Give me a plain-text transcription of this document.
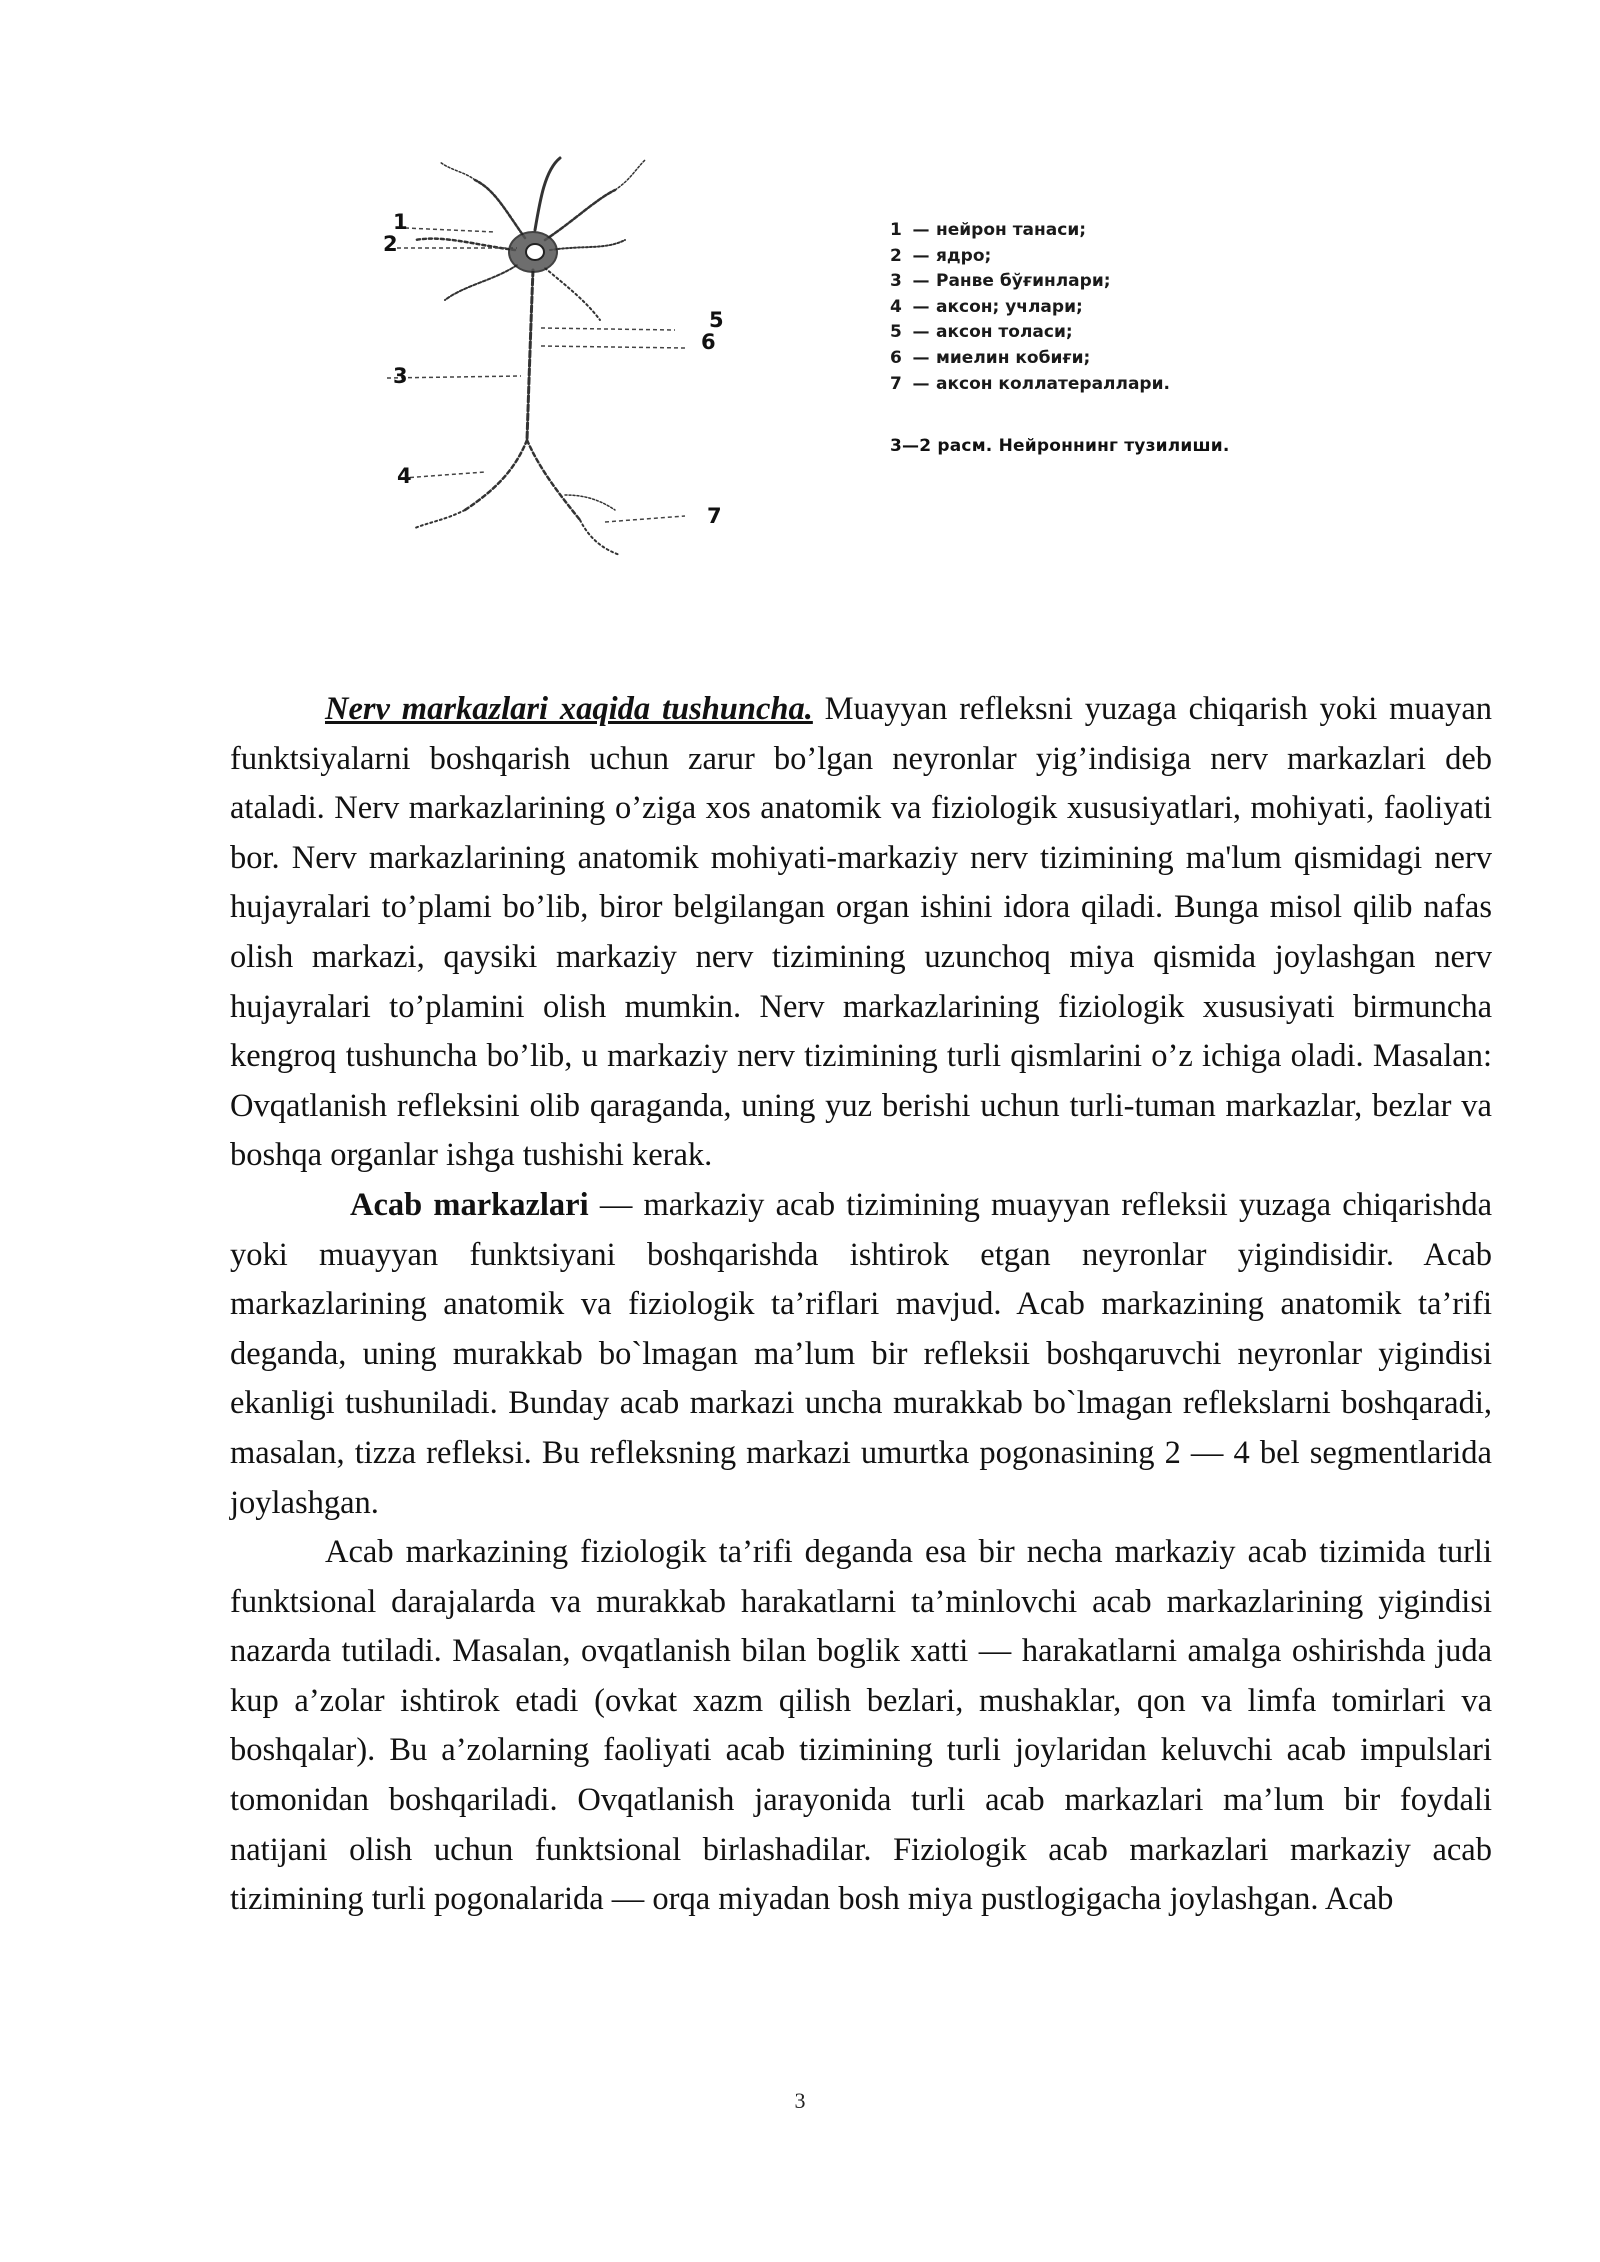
1
2
3
4
5
6
7
1 — нейрон танаси;
2 — ядро;
3 — Ранве бўғинлари;
4 — аксон; учлари;
5 — аксон толаси;
6 — миелин кобиғи;
7 — аксон коллатераллари.
3—2 расм. Нейроннинг тузилиши.

Nerv markazlari xaqida tushuncha. Muayyan refleksni yuzaga chiqarish yoki muayan funktsiyalarni boshqarish uchun zarur bo’lgan neyronlar yig’indisiga nerv markazlari deb ataladi. Nerv markazlarining o’ziga xos anatomik va fiziologik xususiyatlari, mohiyati, faoliyati bor. Nerv markazlarining anatomik mohiyati-markaziy nerv tizimining ma'lum qismidagi nerv hujayralari to’plami bo’lib, biror belgilangan organ ishini idora qiladi. Bunga misol qilib nafas olish markazi, qaysiki markaziy nerv tizimining uzunchoq miya qismida joylashgan nerv hujayralari to’plamini olish mumkin. Nerv markazlarining fiziologik xususiyati birmuncha kengroq tushuncha bo’lib, u markaziy nerv tizimining turli qismlarini o’z ichiga oladi. Masalan: Ovqatlanish refleksini olib qaraganda, uning yuz berishi uchun turli-tuman markazlar, bezlar va boshqa organlar ishga tushishi kerak.

Acab markazlari — markaziy acab tizimining muayyan refleksii yuzaga chiqarishda yoki muayyan funktsiyani boshqarishda ishtirok etgan neyronlar yigindisidir. Acab markazlarining anatomik va fiziologik ta’riflari mavjud. Acab markazining anatomik ta’rifi deganda, uning murakkab bo`lmagan ma’lum bir refleksii boshqaruvchi neyronlar yigindisi ekanligi tushuniladi. Bunday acab markazi uncha murakkab bo`lmagan reflekslarni boshqaradi, masalan, tizza refleksi. Bu refleksning markazi umurtka pogonasining 2 — 4 bel segmentlarida joylashgan.

Acab markazining fiziologik ta’rifi deganda esa bir necha markaziy acab tizimida turli funktsional darajalarda va murakkab harakatlarni ta’minlovchi acab markazlarining yigindisi nazarda tutiladi. Masalan, ovqatlanish bilan boglik xatti — harakatlarni amalga oshirishda juda kup a’zolar ishtirok etadi (ovkat xazm qilish bezlari, mushaklar, qon va limfa tomirlari va boshqalar). Bu a’zolarning faoliyati acab tizimining turli joylaridan keluvchi acab impulslari tomonidan boshqariladi. Ovqatlanish jarayonida turli acab markazlari ma’lum bir foydali natijani olish uchun funktsional birlashadilar. Fiziologik acab markazlari markaziy acab tizimining turli pogonalarida — orqa miyadan bosh miya pustlogigacha joylashgan. Acab

3
